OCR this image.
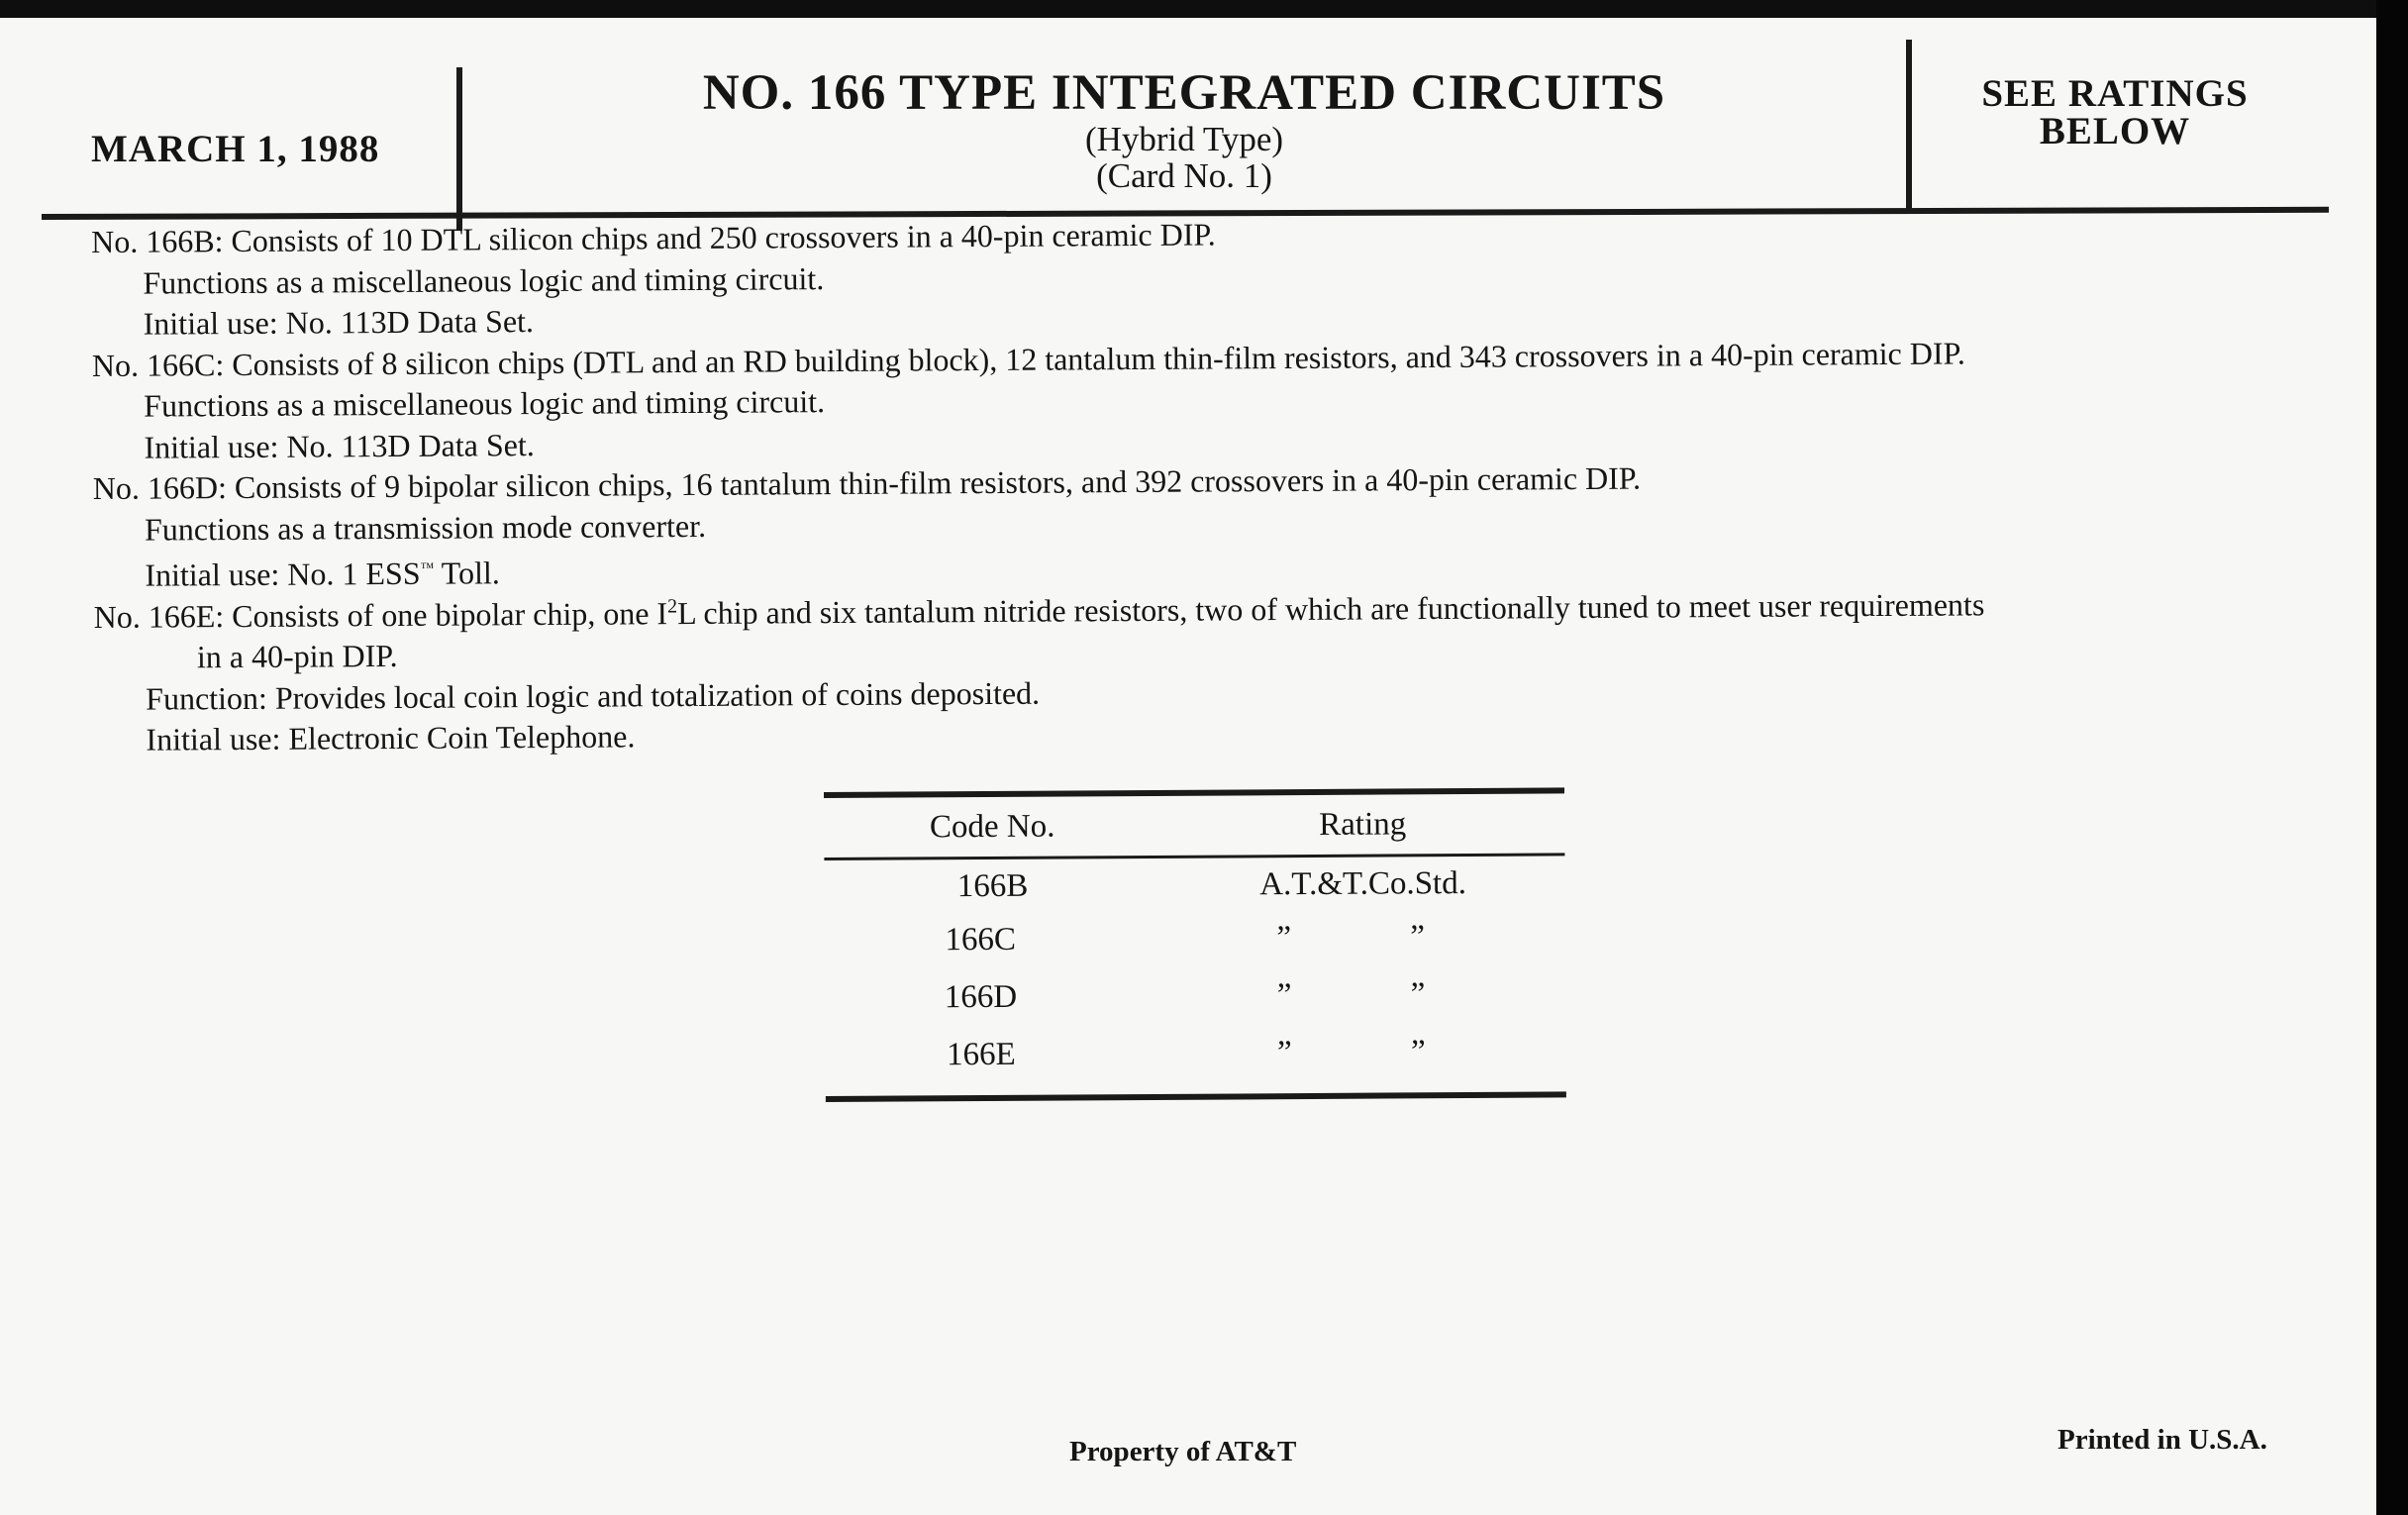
MARCH 1, 1988
NO. 166 TYPE INTEGRATED CIRCUITS
(Hybrid Type)
(Card No. 1)
SEE RATINGS
BELOW

No. 166B: Consists of 10 DTL silicon chips and 250 crossovers in a 40-pin ceramic DIP.

Functions as a miscellaneous logic and timing circuit.

Initial use: No. 113D Data Set.

No. 166C: Consists of 8 silicon chips (DTL and an RD building block), 12 tantalum thin-film resistors, and 343 crossovers in a 40-pin ceramic DIP.

Functions as a miscellaneous logic and timing circuit.

Initial use: No. 113D Data Set.

No. 166D: Consists of 9 bipolar silicon chips, 16 tantalum thin-film resistors, and 392 crossovers in a 40-pin ceramic DIP.

Functions as a transmission mode converter.

Initial use: No. 1 ESS™ Toll.

No. 166E: Consists of one bipolar chip, one $I^2L$ chip and six tantalum nitride resistors, two of which are functionally tuned to meet user requirements

in a 40-pin DIP.

Function: Provides local coin logic and totalization of coins deposited.

Initial use: Electronic Coin Telephone.

Code No.	Rating
166B	A.T.&T.Co.Std.
166C	” ”
166D	” ”
166E	” ”
Property of AT&T	Printed in U.S.A.
